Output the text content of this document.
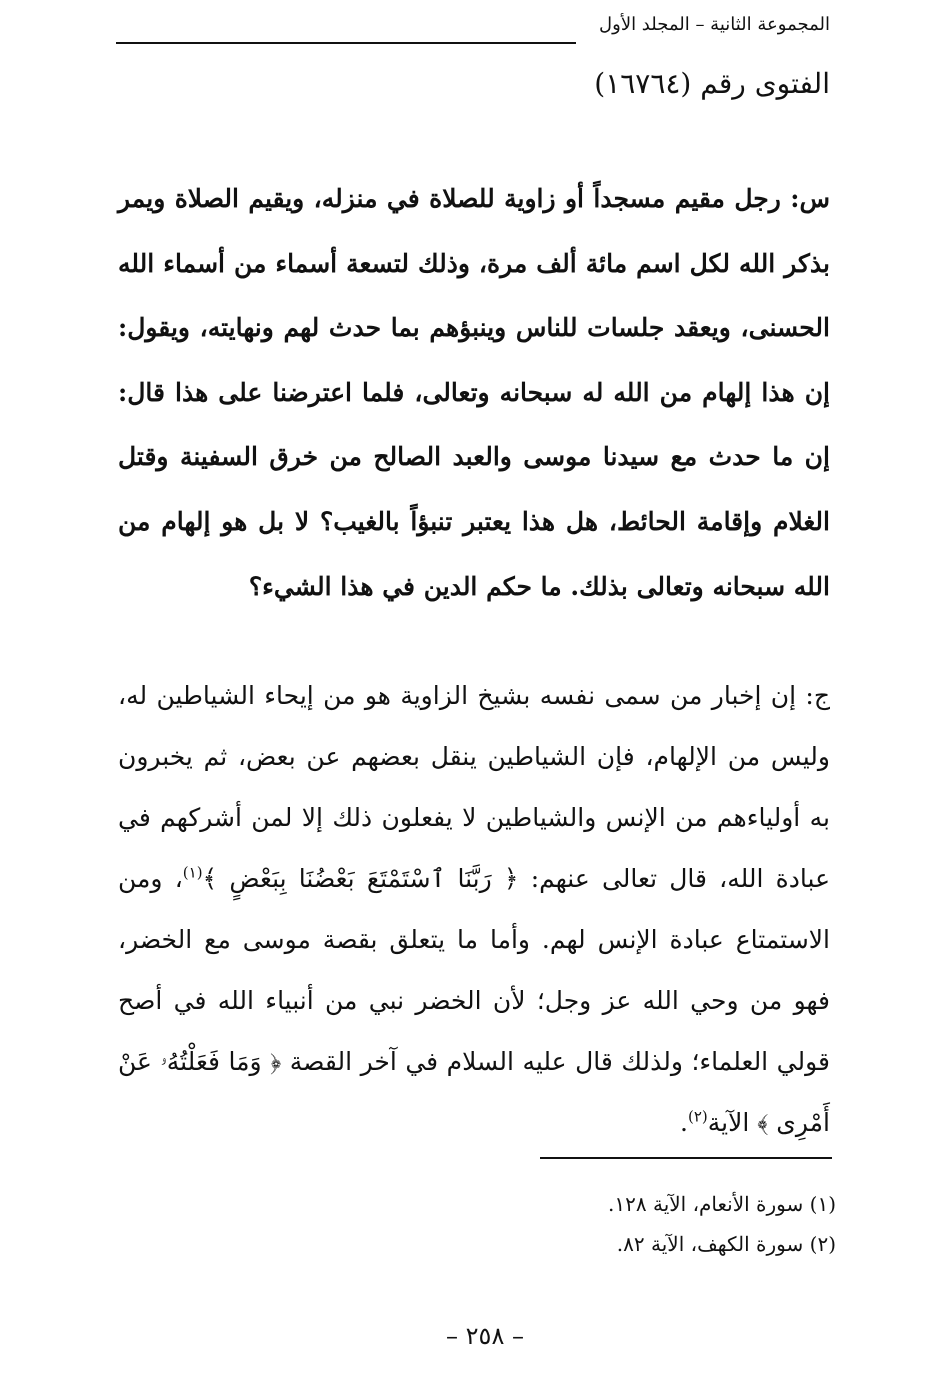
المجموعة الثانية – المجلد الأول
الفتوى رقم (١٦٧٦٤)

س: رجل مقيم مسجداً أو زاوية للصلاة في منزله، ويقيم الصلاة ويمر بذكر الله لكل اسم مائة ألف مرة، وذلك لتسعة أسماء من أسماء الله الحسنى، ويعقد جلسات للناس وينبؤهم بما حدث لهم ونهايته، ويقول: إن هذا إلهام من الله له سبحانه وتعالى، فلما اعترضنا على هذا قال: إن ما حدث مع سيدنا موسى والعبد الصالح من خرق السفينة وقتل الغلام وإقامة الحائط، هل هذا يعتبر تنبؤاً بالغيب؟ لا بل هو إلهام من الله سبحانه وتعالى بذلك. ما حكم الدين في هذا الشيء؟

ج: إن إخبار من سمى نفسه بشيخ الزاوية هو من إيحاء الشياطين له، وليس من الإلهام، فإن الشياطين ينقل بعضهم عن بعض، ثم يخبرون به أولياءهم من الإنس والشياطين لا يفعلون ذلك إلا لمن أشركهم في عبادة الله، قال تعالى عنهم: ﴿ رَبَّنَا ٱسْتَمْتَعَ بَعْضُنَا بِبَعْضٍ ﴾$^{(١)}$، ومن الاستمتاع عبادة الإنس لهم. وأما ما يتعلق بقصة موسى مع الخضر، فهو من وحي الله عز وجل؛ لأن الخضر نبي من أنبياء الله في أصح قولي العلماء؛ ولذلك قال عليه السلام في آخر القصة ﴿ وَمَا فَعَلْتُهُۥ عَنْ أَمْرِى ﴾ الآية$^{(٢)}$.

(١) سورة الأنعام، الآية ١٢٨.
(٢) سورة الكهف، الآية ٨٢.
– ٢٥٨ –
